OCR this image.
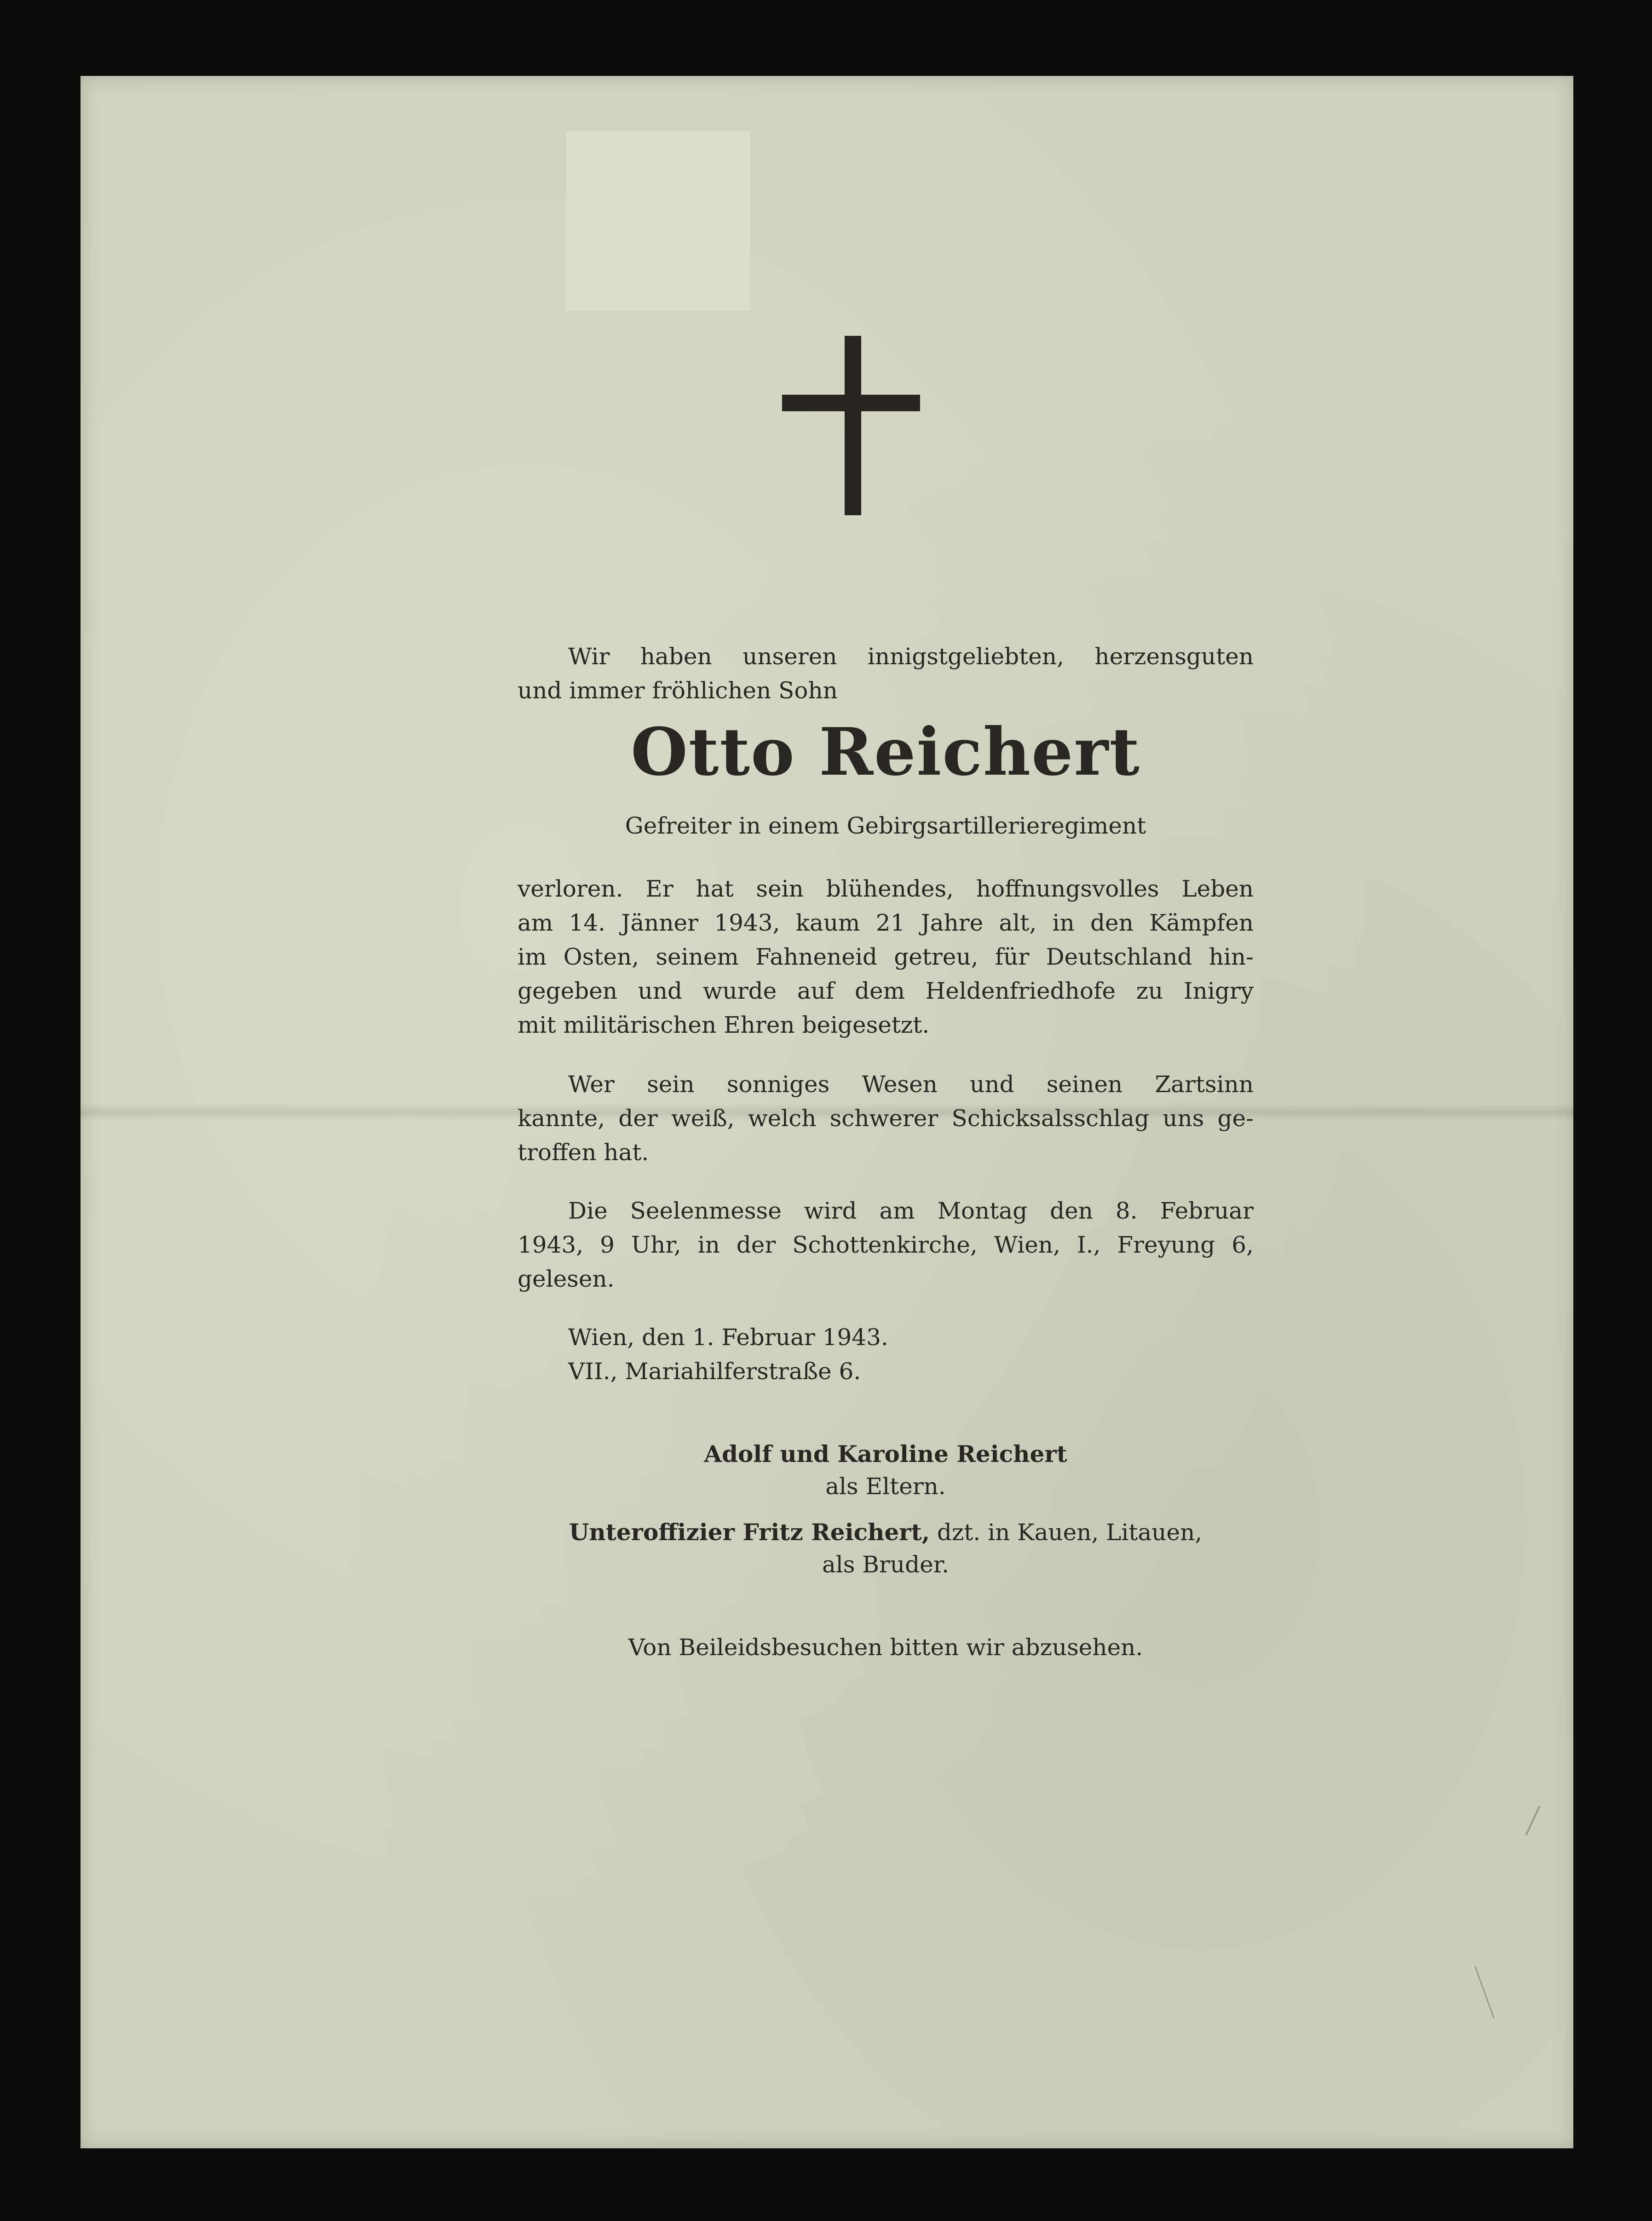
Wir haben unseren innigstgeliebten, herzensguten
und immer fröhlichen Sohn
Otto Reichert
Gefreiter in einem Gebirgsartillerieregiment
verloren. Er hat sein blühendes, hoffnungsvolles Leben
am 14. Jänner 1943, kaum 21 Jahre alt, in den Kämpfen
im Osten, seinem Fahneneid getreu, für Deutschland hin-
gegeben und wurde auf dem Heldenfriedhofe zu Inigry
mit militärischen Ehren beigesetzt.
Wer sein sonniges Wesen und seinen Zartsinn
kannte, der weiß, welch schwerer Schicksalsschlag uns ge-
troffen hat.
Die Seelenmesse wird am Montag den 8. Februar
1943, 9 Uhr, in der Schottenkirche, Wien, I., Freyung 6,
gelesen.
Wien, den 1. Februar 1943.
VII., Mariahilferstraße 6.
Adolf und Karoline Reichert
als Eltern.
Unteroffizier Fritz Reichert, dzt. in Kauen, Litauen,
als Bruder.
Von Beileidsbesuchen bitten wir abzusehen.
